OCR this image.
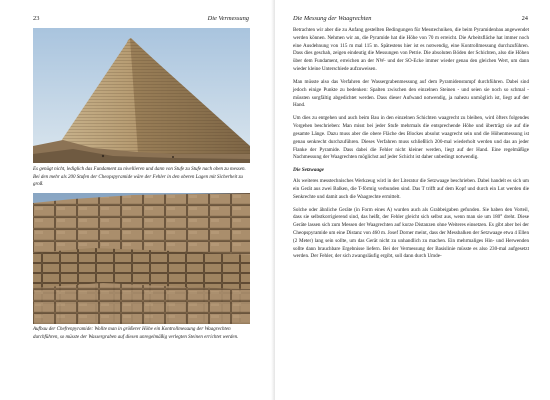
23	Die Vermessung
Es genügt nicht, lediglich das Fundament zu nivellieren und dann von Stufe zu Stufe nach oben zu messen. Bei den mehr als 200 Stufen der Cheopspyramide wäre der Fehler in den oberen Lagen mit Sicherheit zu groß.
Aufbau der Chefrenpyramide: Wollte man in größerer Höhe ein Kontrollmessung der Waagrechten durchführen, so müsste der Wassergraben auf diesen unregelmäßig verlegten Steinen errichtet werden.
Die Messung der Waagrechten	24

Betrachten wir aber die zu Anfang gestellten Bedingungen für Messtechniken, die beim Pyramidenbau angewendet werden können. Nehmen wir an, die Pyramide hat die Höhe von 70 m erreicht. Die Arbeitsfläche hat immer noch eine Ausdehnung von 115 m mal 115 m. Spätestens hier ist es notwendig, eine Kontrollmessung durchzuführen. Dass dies geschah, zeigen eindeutig die Messungen von Petrie. Die absoluten Böden der Schichten, also die Höhen über dem Fundament, erreichen an der NW- und der SO-Ecke immer wieder genau den gleichen Wert, um dann wieder kleine Unterschiede aufzuweisen.

Man müsste also das Verfahren der Wassergrabenmessung auf dem Pyramidenstumpf durchführen. Dabei sind jedoch einige Punkte zu bedenken: Spalten zwischen den einzelnen Steinen - und seien sie noch so schmal - müssten sorgfältig abgedichtet werden. Dass dieser Aufwand notwendig, ja nahezu unmöglich ist, liegt auf der Hand.

Um dies zu entgehen und auch beim Bau in den einzelnen Schichten waagrecht zu bleiben, wird öfters folgendes Vorgehen beschrieben: Man misst bei jeder Stufe mehrmals die entsprechende Höhe und überträgt sie auf die gesamte Länge. Dazu muss aber die obere Fläche des Blockes absolut waagrecht sein und die Höhenmessung ist genau senkrecht durchzuführen. Dieses Verfahren muss schließlich 200-mal wiederholt werden und das an jeder Flanke der Pyramide. Dass dabei die Fehler nicht kleiner werden, liegt auf der Hand. Eine regelmäßige Nachmessung der Waagrechten möglichst auf jeder Schicht ist daher unbedingt notwendig.

Die Setzwaage

Als weiteres messtechnisches Werkzeug wird in der Literatur die Setzwaage beschrieben. Dabei handelt es sich um ein Gerät aus zwei Balken, die T-förmig verbunden sind. Das T trifft auf dem Kopf und durch ein Lot werden die Senkrechte und damit auch die Waagrechte ermittelt.

Solche oder ähnliche Geräte (in Form eines A) wurden auch als Grabbeigaben gefunden. Sie haben den Vorteil, dass sie selbstkorrigierend sind, das heißt, der Fehler gleicht sich selbst aus, wenn man sie um 180° dreht. Diese Geräte lassen sich zum Messen der Waagrechten auf kurze Distanzen ohne Weiteres einsetzen. Es gibt aber bei der Cheopspyramide um eine Distanz von 460 m. Josef Dorner meint, dass der Messbalken der Setzwaage etwa 4 Ellen (2 Meter) lang sein sollte, um das Gerät nicht zu unhandlich zu machen. Ein mehrmaliges Hin- und Herwenden sollte dann brauchbare Ergebnisse liefern. Bei der Vermessung der Basislinie müsste es also 230-mal aufgesetzt werden. Der Fehler, der sich zwangsläufig ergibt, soll dann durch Umde-
